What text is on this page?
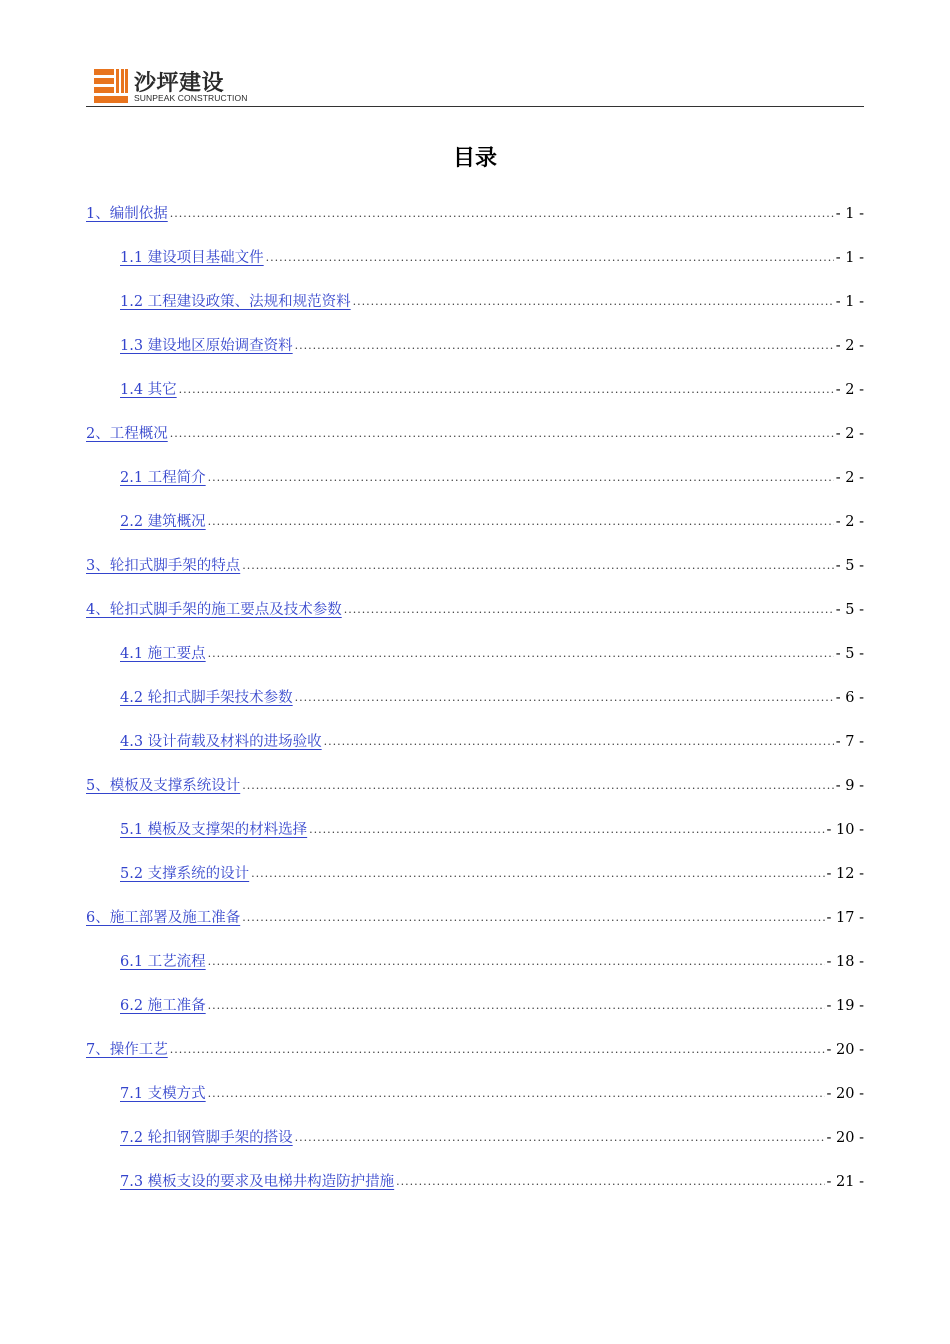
沙坪建设
SUNPEAK CONSTRUCTION
目录
1、编制依据 .....	- 1 -
1.1 建设项目基础文件 .....	- 1 -
1.2 工程建设政策、法规和规范资料 .....	- 1 -
1.3 建设地区原始调查资料 .....	- 2 -
1.4 其它 .....	- 2 -
2、工程概况 .....	- 2 -
2.1 工程简介 .....	- 2 -
2.2 建筑概况 .....	- 2 -
3、轮扣式脚手架的特点 .....	- 5 -
4、轮扣式脚手架的施工要点及技术参数 .....	- 5 -
4.1 施工要点 .....	- 5 -
4.2 轮扣式脚手架技术参数 .....	- 6 -
4.3 设计荷载及材料的进场验收 .....	- 7 -
5、模板及支撑系统设计 .....	- 9 -
5.1 模板及支撑架的材料选择 .....	- 10 -
5.2 支撑系统的设计 .....	- 12 -
6、施工部署及施工准备 .....	- 17 -
6.1 工艺流程 .....	- 18 -
6.2 施工准备 .....	- 19 -
7、操作工艺 .....	- 20 -
7.1 支模方式 .....	- 20 -
7.2 轮扣钢管脚手架的搭设 .....	- 20 -
7.3 模板支设的要求及电梯井构造防护措施 .....	- 21 -
